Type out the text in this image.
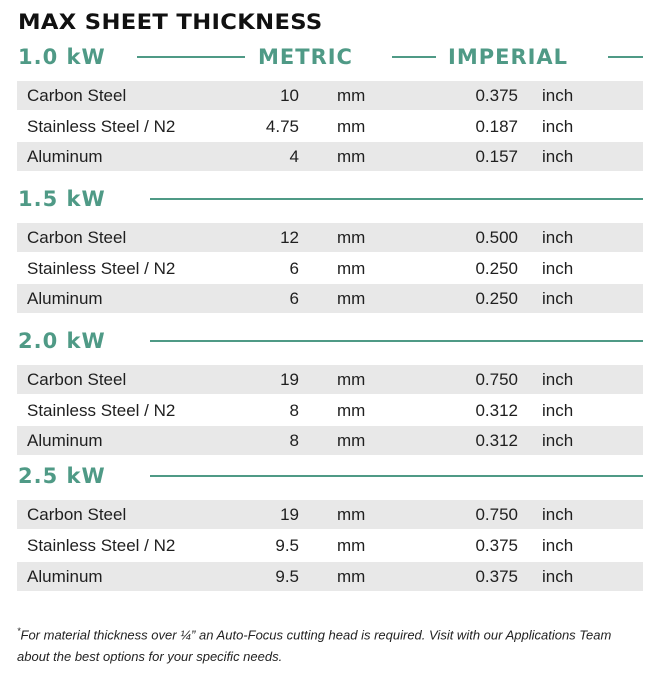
MAX SHEET THICKNESS
1.0 kW	METRIC	IMPERIAL
Carbon Steel	10 mm	0.375 inch
Stainless Steel / N2	4.75 mm	0.187 inch
Aluminum	4 mm	0.157 inch
1.5 kW
Carbon Steel	12 mm	0.500 inch
Stainless Steel / N2	6 mm	0.250 inch
Aluminum	6 mm	0.250 inch
2.0 kW
Carbon Steel	19 mm	0.750 inch
Stainless Steel / N2	8 mm	0.312 inch
Aluminum	8 mm	0.312 inch
2.5 kW
Carbon Steel	19 mm	0.750 inch
Stainless Steel / N2	9.5 mm	0.375 inch
Aluminum	9.5 mm	0.375 inch
*For material thickness over ¼” an Auto-Focus cutting head is required. Visit with our Applications Team about the best options for your specific needs.
